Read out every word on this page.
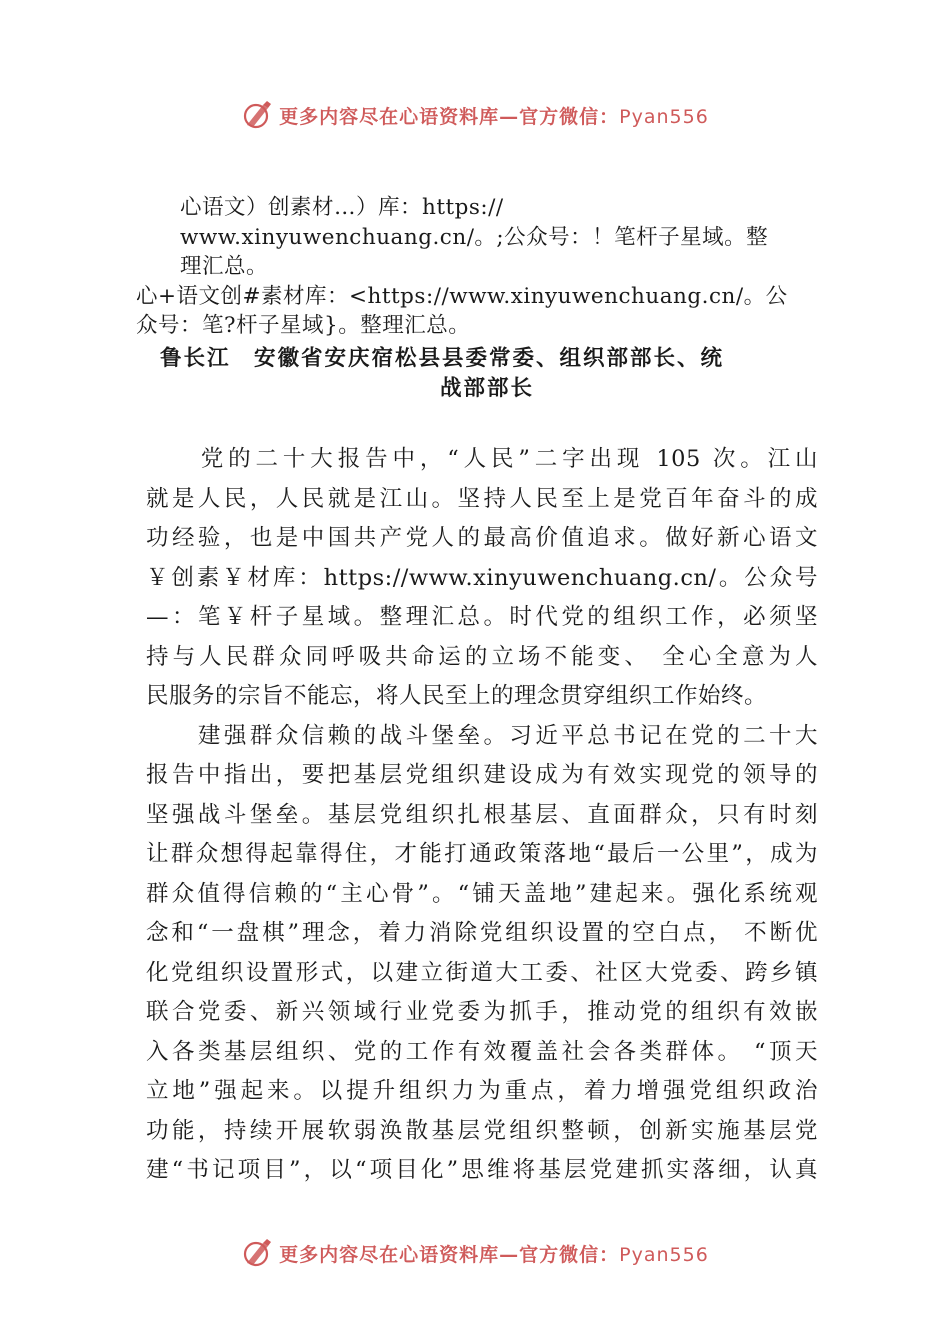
更多内容尽在心语资料库—官方微信：Pyan556
心语文）创素材…）库：https://
www.xinyuwenchuang.cn/。;公众号：！笔杆子星域。整
理汇总。
心+语文创#素材库：<https://www.xinyuwenchuang.cn/。公
众号：笔?杆子星域}。整理汇总。
鲁长江　安徽省安庆宿松县县委常委、组织部部长、统
战部部长
　　党的二十大报告中，“人民”二字出现 105 次。江山
就是人民，人民就是江山。坚持人民至上是党百年奋斗的成
功经验，也是中国共产党人的最高价值追求。做好新心语文
￥创素￥材库：https://www.xinyuwenchuang.cn/。公众号
—：笔￥杆子星域。整理汇总。时代党的组织工作，必须坚
持与人民群众同呼吸共命运的立场不能变、 全心全意为人
民服务的宗旨不能忘，将人民至上的理念贯穿组织工作始终。
　　建强群众信赖的战斗堡垒。习近平总书记在党的二十大
报告中指出，要把基层党组织建设成为有效实现党的领导的
坚强战斗堡垒。基层党组织扎根基层、直面群众，只有时刻
让群众想得起靠得住，才能打通政策落地“最后一公里”，成为
群众值得信赖的“主心骨”。“铺天盖地”建起来。强化系统观
念和“一盘棋”理念，着力消除党组织设置的空白点， 不断优
化党组织设置形式，以建立街道大工委、社区大党委、跨乡镇
联合党委、新兴领域行业党委为抓手，推动党的组织有效嵌
入各类基层组织、党的工作有效覆盖社会各类群体。 “顶天
立地”强起来。以提升组织力为重点，着力增强党组织政治
功能，持续开展软弱涣散基层党组织整顿，创新实施基层党
建“书记项目”，以“项目化”思维将基层党建抓实落细，认真
更多内容尽在心语资料库—官方微信：Pyan556
